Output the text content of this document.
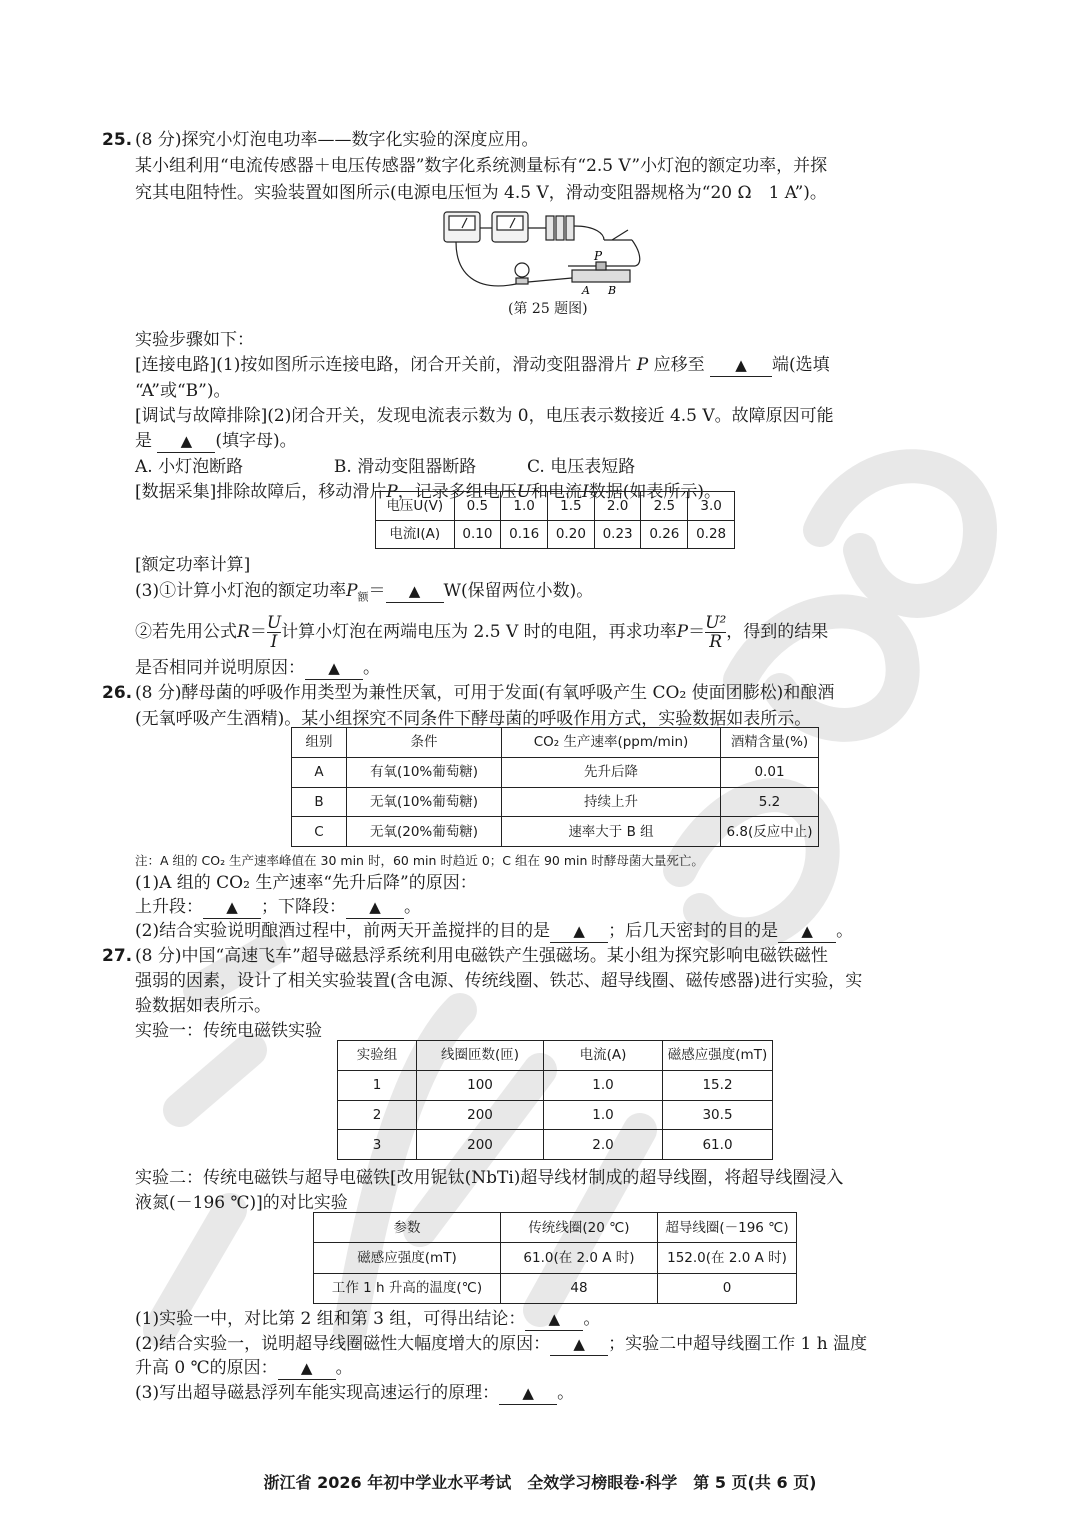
25. (8 分)探究小灯泡电功率——数字化实验的深度应用。
某小组利用“电流传感器＋电压传感器”数字化系统测量标有“2.5 V”小灯泡的额定功率，并探
究其电阻特性。实验装置如图所示(电源电压恒为 4.5 V，滑动变阻器规格为“20 Ω　1 A”)。
P
A B
(第 25 题图)
实验步骤如下：
[连接电路](1)按如图所示连接电路，闭合开关前，滑动变阻器滑片 P 应移至 ▲ 端(选填
“A”或“B”)。
[调试与故障排除](2)闭合开关，发现电流表示数为 0，电压表示数接近 4.5 V。故障原因可能
是 ▲ (填字母)。
A. 小灯泡断路	B. 滑动变阻器断路	C. 电压表短路
[数据采集]排除故障后，移动滑片P，记录多组电压U和电流I数据(如表所示)。
电压U(V)	0.5	1.0	1.5	2.0	2.5	3.0
电流I(A)	0.10	0.16	0.20	0.23	0.26	0.28
[额定功率计算]
(3)①计算小灯泡的额定功率$P_额=$ ▲ W(保留两位小数)。
②若先用公式$R= \frac{U}{I}$ 计算小灯泡在两端电压为 2.5 V 时的电阻，再求功率$P= \frac{\text{U²}}{R}$ ，得到的结果
是否相同并说明原因： ▲ 。
26. (8 分)酵母菌的呼吸作用类型为兼性厌氧，可用于发面(有氧呼吸产生 CO₂ 使面团膨松)和酿酒
(无氧呼吸产生酒精)。某小组探究不同条件下酵母菌的呼吸作用方式，实验数据如表所示。
组别	条件	CO₂ 生产速率(ppm/min)	酒精含量(%)
A	有氧(10%葡萄糖)	先升后降	0.01
B	无氧(10%葡萄糖)	持续上升	5.2
C	无氧(20%葡萄糖)	速率大于 B 组	6.8(反应中止)
注：A 组的 CO₂ 生产速率峰值在 30 min 时，60 min 时趋近 0；C 组在 90 min 时酵母菌大量死亡。
(1)A 组的 CO₂ 生产速率“先升后降”的原因：
上升段： ▲ ；下降段： ▲ 。
(2)结合实验说明酿酒过程中，前两天开盖搅拌的目的是 ▲ ；后几天密封的目的是 ▲ 。
27. (8 分)中国“高速飞车”超导磁悬浮系统利用电磁铁产生强磁场。某小组为探究影响电磁铁磁性
强弱的因素，设计了相关实验装置(含电源、传统线圈、铁芯、超导线圈、磁传感器)进行实验，实
验数据如表所示。
实验一：传统电磁铁实验
实验组	线圈匝数(匝)	电流(A)	磁感应强度(mT)
1	100	1.0	15.2
2	200	1.0	30.5
3	200	2.0	61.0
实验二：传统电磁铁与超导电磁铁[改用铌钛(NbTi)超导线材制成的超导线圈，将超导线圈浸入
液氮(－196 ℃)]的对比实验
参数	传统线圈(20 ℃)	超导线圈(－196 ℃)
磁感应强度(mT)	61.0(在 2.0 A 时)	152.0(在 2.0 A 时)
工作 1 h 升高的温度(℃)	48	0
(1)实验一中，对比第 2 组和第 3 组，可得出结论： ▲ 。
(2)结合实验一，说明超导线圈磁性大幅度增大的原因： ▲ ；实验二中超导线圈工作 1 h 温度
升高 0 ℃的原因： ▲ 。
(3)写出超导磁悬浮列车能实现高速运行的原理： ▲ 。
浙江省 2026 年初中学业水平考试　全效学习榜眼卷·科学　第 5 页(共 6 页)
